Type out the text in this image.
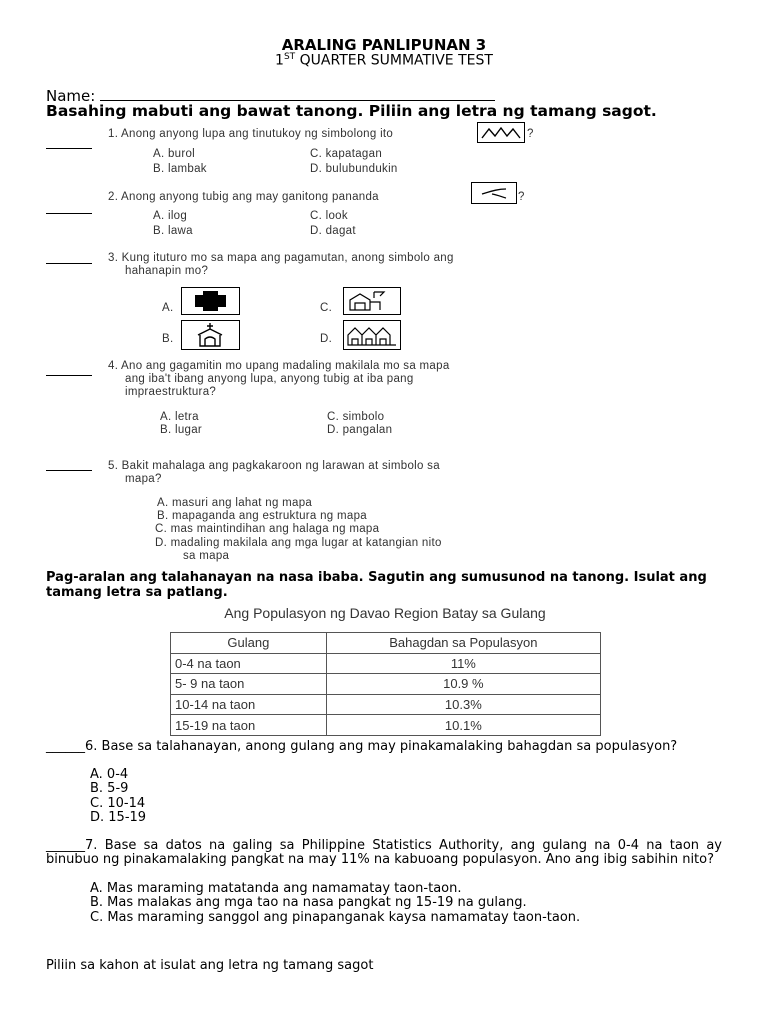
ARALING PANLIPUNAN 3
1ST QUARTER SUMMATIVE TEST
Name:
Basahing mabuti ang bawat tanong. Piliin ang letra ng tamang sagot.
1. Anong anyong lupa ang tinutukoy ng simbolong ito	?
A. burol	C. kapatagan
B. lambak	D. bulubundukin
2. Anong anyong tubig ang may ganitong pananda	?
A. ilog	C. look
B. lawa	D. dagat
3. Kung ituturo mo sa mapa ang pagamutan, anong simbolo ang
hahanapin mo?
A.	C.
B.	D.
4. Ano ang gagamitin mo upang madaling makilala mo sa mapa
ang iba't ibang anyong lupa, anyong tubig at iba pang
impraestruktura?
A. letra	C. simbolo
B. lugar	D. pangalan
5. Bakit mahalaga ang pagkakaroon ng larawan at simbolo sa
mapa?
A. masuri ang lahat ng mapa
B. mapaganda ang estruktura ng mapa
C. mas maintindihan ang halaga ng mapa
D. madaling makilala ang mga lugar at katangian nito
sa mapa
Pag-aralan ang talahanayan na nasa ibaba. Sagutin ang sumusunod na tanong. Isulat ang tamang letra sa patlang.
Ang Populasyon ng Davao Region Batay sa Gulang
Gulang	Bahagdan sa Populasyon
0-4 na taon	11%
5- 9 na taon	10.9 %
10-14 na taon	10.3%
15-19 na taon	10.1%
______6. Base sa talahanayan, anong gulang ang may pinakamalaking bahagdan sa populasyon?
A. 0-4
B. 5-9
C. 10-14
D. 15-19
______7. Base sa datos na galing sa Philippine Statistics Authority, ang gulang na 0-4 na taon ay binubuo ng pinakamalaking pangkat na may 11% na kabuoang populasyon. Ano ang ibig sabihin nito?
A. Mas maraming matatanda ang namamatay taon-taon.
B. Mas malakas ang mga tao na nasa pangkat ng 15-19 na gulang.
C. Mas maraming sanggol ang pinapanganak kaysa namamatay taon-taon.
Piliin sa kahon at isulat ang letra ng tamang sagot
